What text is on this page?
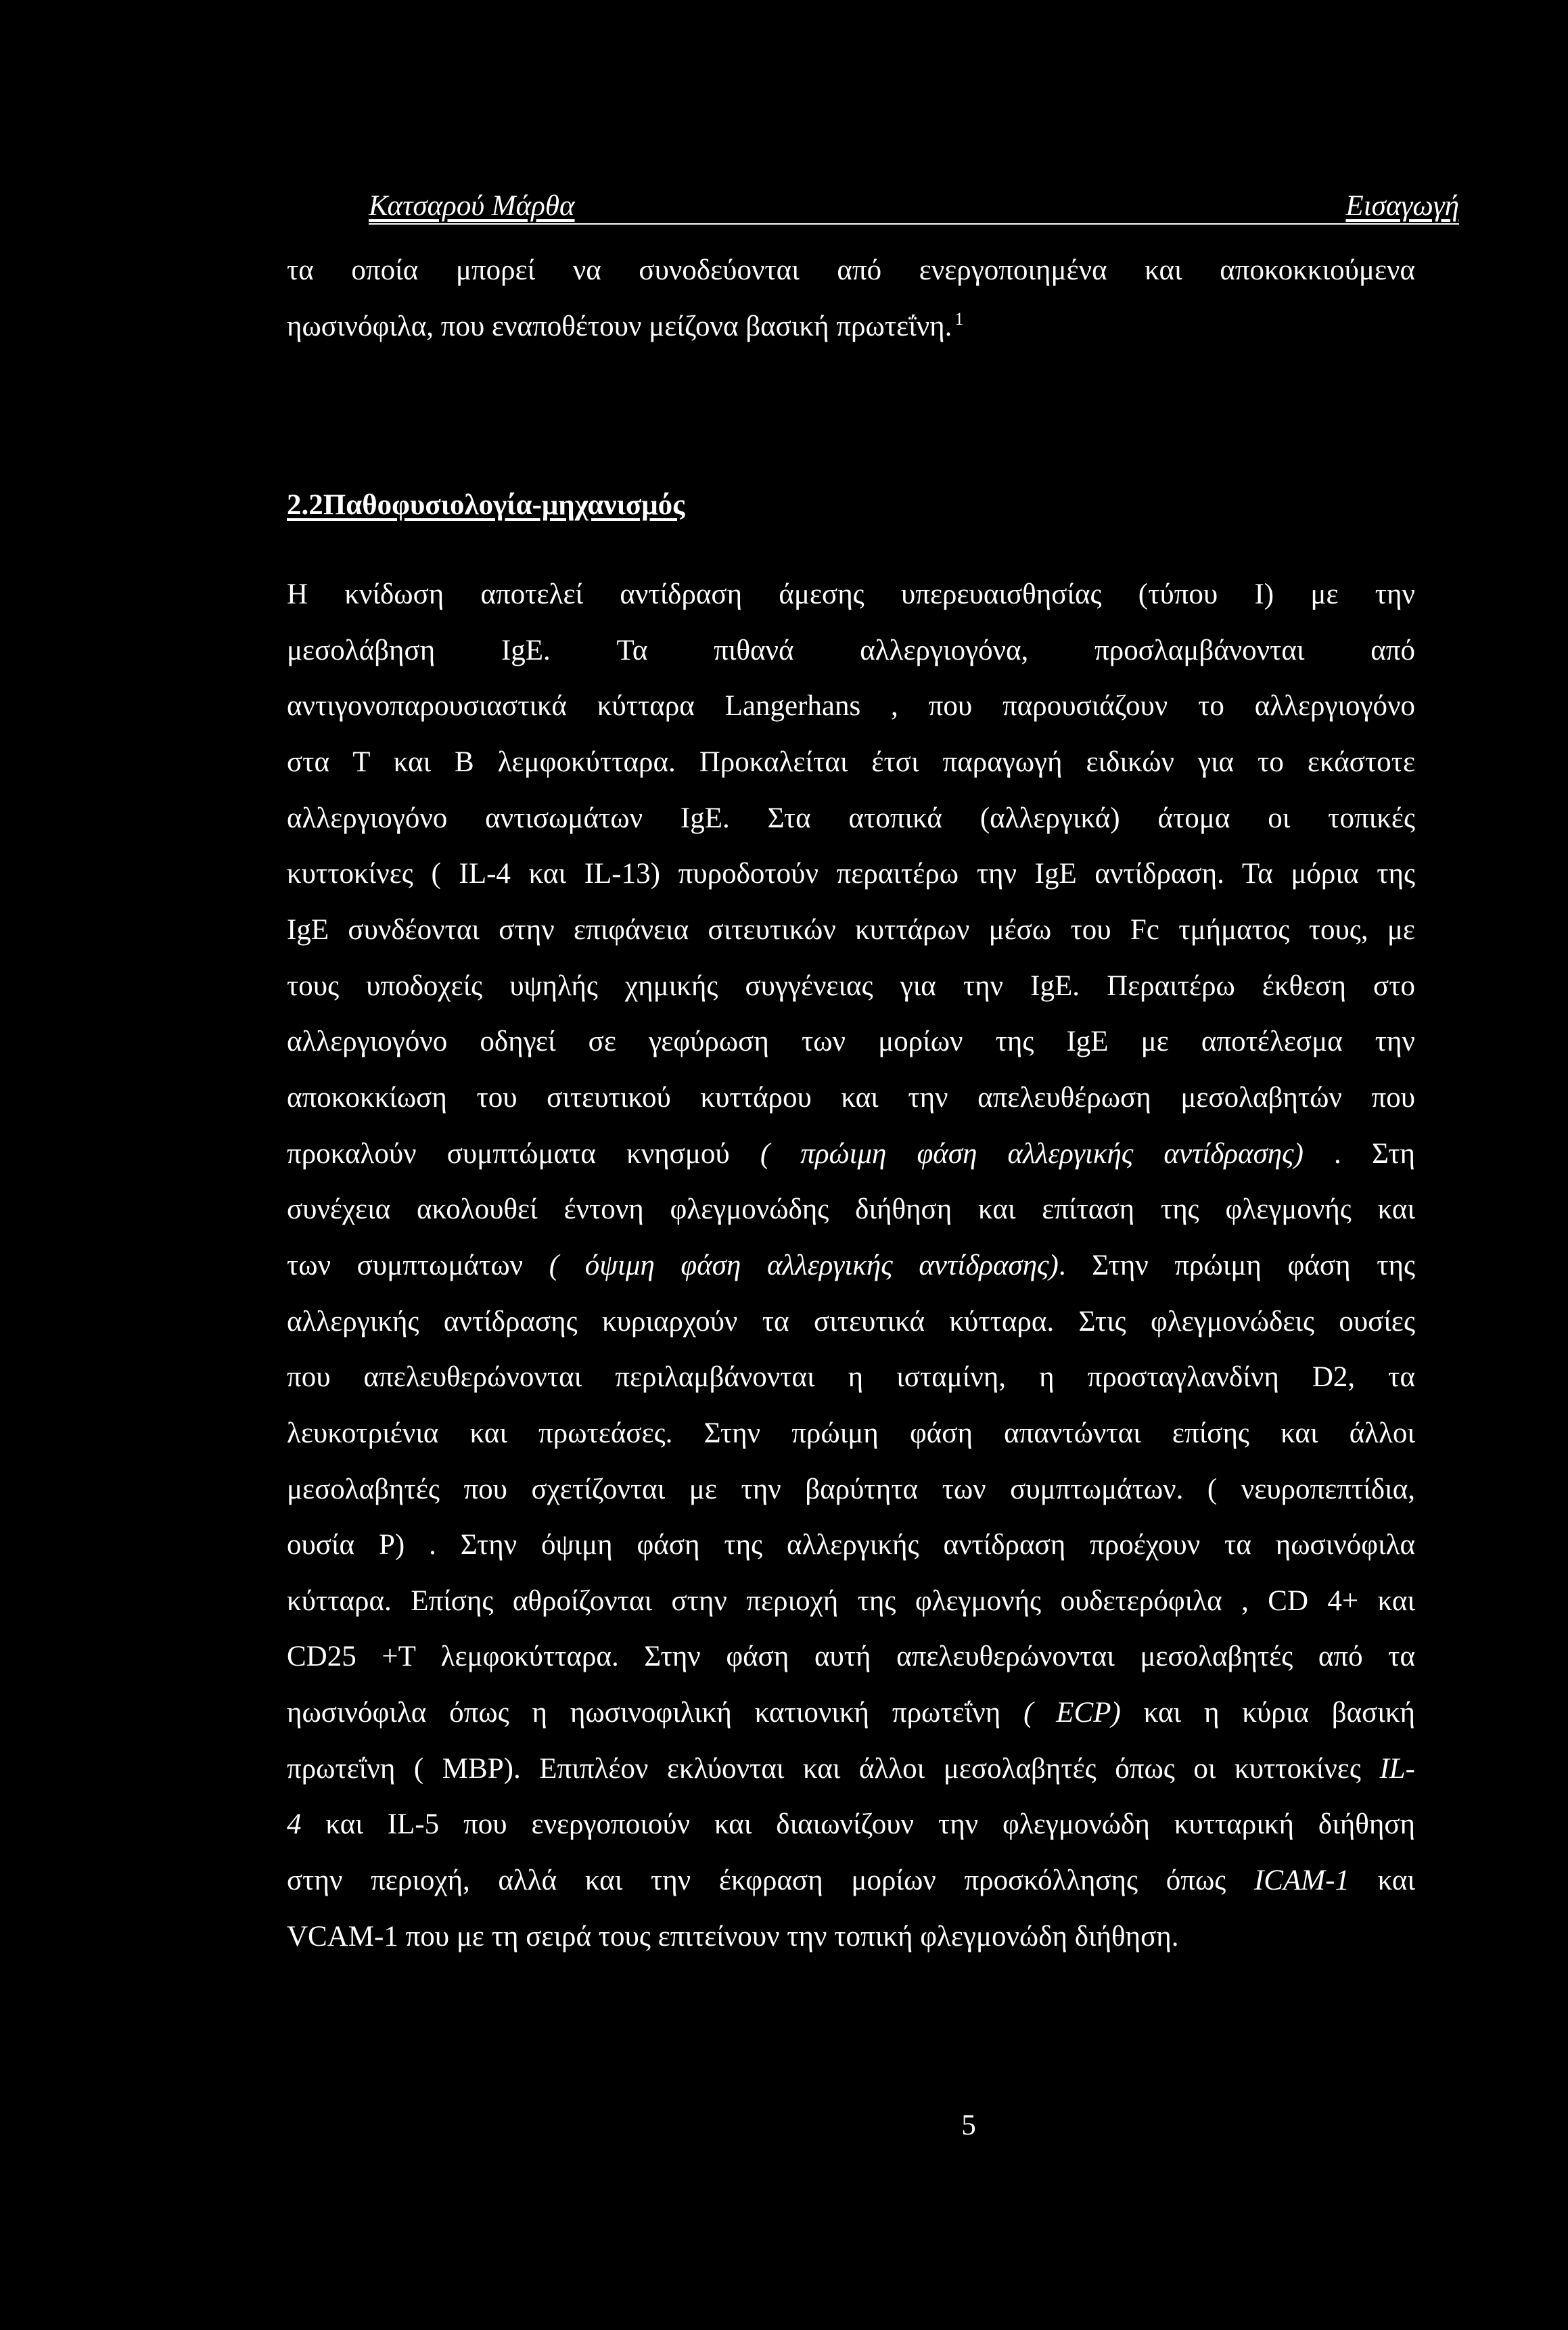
Κατσαρού Μάρθα	Εισαγωγή
τα οποία μπορεί να συνοδεύονται από ενεργοποιημένα και αποκοκκιούμενα
ηωσινόφιλα, που εναποθέτουν μείζονα βασική πρωτεΐνη. $^1$
2.2Παθοφυσιολογία-μηχανισμός
Η κνίδωση αποτελεί αντίδραση άμεσης υπερευαισθησίας (τύπου Ι) με την
μεσολάβηση IgE. Τα πιθανά αλλεργιογόνα, προσλαμβάνονται από
αντιγονοπαρουσιαστικά κύτταρα Langerhans , που παρουσιάζουν το αλλεργιογόνο
στα Τ και Β λεμφοκύτταρα. Προκαλείται έτσι παραγωγή ειδικών για το εκάστοτε
αλλεργιογόνο αντισωμάτων IgE. Στα ατοπικά (αλλεργικά) άτομα οι τοπικές
κυττοκίνες ( IL-4 και IL-13) πυροδοτούν περαιτέρω την IgE αντίδραση. Τα μόρια της
IgE συνδέονται στην επιφάνεια σιτευτικών κυττάρων μέσω του Fc τμήματος τους, με
τους υποδοχείς υψηλής χημικής συγγένειας για την IgE. Περαιτέρω έκθεση στο
αλλεργιογόνο οδηγεί σε γεφύρωση των μορίων της IgE με αποτέλεσμα την
αποκοκκίωση του σιτευτικού κυττάρου και την απελευθέρωση μεσολαβητών που
προκαλούν συμπτώματα κνησμού ( πρώιμη φάση αλλεργικής αντίδρασης) . Στη
συνέχεια ακολουθεί έντονη φλεγμονώδης διήθηση και επίταση της φλεγμονής και
των συμπτωμάτων ( όψιμη φάση αλλεργικής αντίδρασης). Στην πρώιμη φάση της
αλλεργικής αντίδρασης κυριαρχούν τα σιτευτικά κύτταρα. Στις φλεγμονώδεις ουσίες
που απελευθερώνονται περιλαμβάνονται η ισταμίνη, η προσταγλανδίνη D2, τα
λευκοτριένια και πρωτεάσες. Στην πρώιμη φάση απαντώνται επίσης και άλλοι
μεσολαβητές που σχετίζονται με την βαρύτητα των συμπτωμάτων. ( νευροπεπτίδια,
ουσία Ρ) . Στην όψιμη φάση της αλλεργικής αντίδραση προέχουν τα ηωσινόφιλα
κύτταρα. Επίσης αθροίζονται στην περιοχή της φλεγμονής ουδετερόφιλα , CD 4+ και
CD25 +T λεμφοκύτταρα. Στην φάση αυτή απελευθερώνονται μεσολαβητές από τα
ηωσινόφιλα όπως η ηωσινοφιλική κατιονική πρωτεΐνη ( ECP) και η κύρια βασική
πρωτεΐνη ( MBP). Επιπλέον εκλύονται και άλλοι μεσολαβητές όπως οι κυττοκίνες IL-
4 και IL-5 που ενεργοποιούν και διαιωνίζουν την φλεγμονώδη κυτταρική διήθηση
στην περιοχή, αλλά και την έκφραση μορίων προσκόλλησης όπως ICAM-1 και
VCAM-1 που με τη σειρά τους επιτείνουν την τοπική φλεγμονώδη διήθηση.
5
